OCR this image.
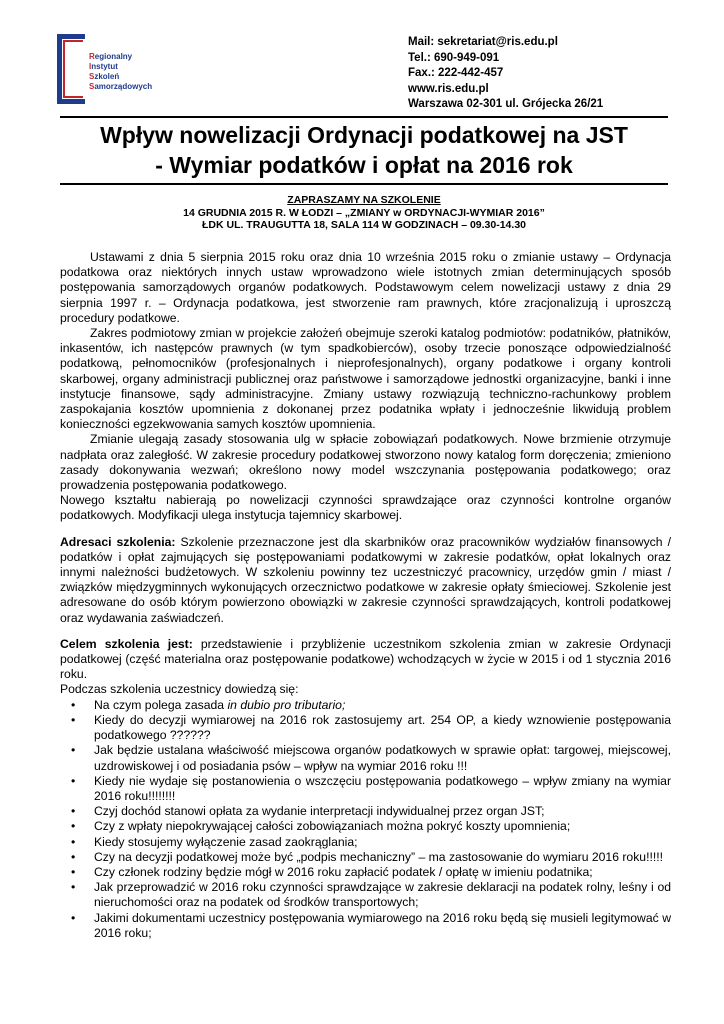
Regionalny
Instytut
Szkoleń
Samorządowych
Mail: sekretariat@ris.edu.pl
Tel.: 690-949-091
Fax.: 222-442-457
www.ris.edu.pl
Warszawa 02-301 ul. Grójecka 26/21
Wpływ nowelizacji Ordynacji podatkowej na JST
- Wymiar podatków i opłat na 2016 rok
ZAPRASZAMY NA SZKOLENIE
14 GRUDNIA 2015 R. W ŁODZI – „ZMIANY w ORDYNACJI-WYMIAR 2016”
ŁDK UL. TRAUGUTTA 18, SALA 114 W GODZINACH – 09.30-14.30

Ustawami z dnia 5 sierpnia 2015 roku oraz dnia 10 września 2015 roku o zmianie ustawy – Ordynacja podatkowa oraz niektórych innych ustaw wprowadzono wiele istotnych zmian determinujących sposób postępowania samorządowych organów podatkowych. Podstawowym celem nowelizacji ustawy z dnia 29 sierpnia 1997 r. – Ordynacja podatkowa, jest stworzenie ram prawnych, które zracjonalizują i uproszczą procedury podatkowe.

Zakres podmiotowy zmian w projekcie założeń obejmuje szeroki katalog podmiotów: podatników, płatników, inkasentów, ich następców prawnych (w tym spadkobierców), osoby trzecie ponoszące odpowiedzialność podatkową, pełnomocników (profesjonalnych i nieprofesjonalnych), organy podatkowe i organy kontroli skarbowej, organy administracji publicznej oraz państwowe i samorządowe jednostki organizacyjne, banki i inne instytucje finansowe, sądy administracyjne. Zmiany ustawy rozwiązują techniczno-rachunkowy problem zaspokajania kosztów upomnienia z dokonanej przez podatnika wpłaty i jednocześnie likwidują problem konieczności egzekwowania samych kosztów upomnienia.

Zmianie ulegają zasady stosowania ulg w spłacie zobowiązań podatkowych. Nowe brzmienie otrzymuje nadpłata oraz zaległość. W zakresie procedury podatkowej stworzono nowy katalog form doręczenia; zmieniono zasady dokonywania wezwań; określono nowy model wszczynania postępowania podatkowego; oraz prowadzenia postępowania podatkowego.

Nowego kształtu nabierają po nowelizacji czynności sprawdzające oraz czynności kontrolne organów podatkowych. Modyfikacji ulega instytucja tajemnicy skarbowej.

Adresaci szkolenia: Szkolenie przeznaczone jest dla skarbników oraz pracowników wydziałów finansowych / podatków i opłat zajmujących się postępowaniami podatkowymi w zakresie podatków, opłat lokalnych oraz innymi należności budżetowych. W szkoleniu powinny tez uczestniczyć pracownicy, urzędów gmin / miast / związków międzygminnych wykonujących orzecznictwo podatkowe w zakresie opłaty śmieciowej. Szkolenie jest adresowane do osób którym powierzono obowiązki w zakresie czynności sprawdzających, kontroli podatkowej oraz wydawania zaświadczeń.

Celem szkolenia jest: przedstawienie i przybliżenie uczestnikom szkolenia zmian w zakresie Ordynacji podatkowej (część materialna oraz postępowanie podatkowe) wchodzących w życie w 2015 i od 1 stycznia 2016 roku.

Podczas szkolenia uczestnicy dowiedzą się:

• Na czym polega zasada in dubio pro tributario;
• Kiedy do decyzji wymiarowej na 2016 rok zastosujemy art. 254 OP, a kiedy wznowienie postępowania podatkowego ??????
• Jak będzie ustalana właściwość miejscowa organów podatkowych w sprawie opłat: targowej, miejscowej, uzdrowiskowej i od posiadania psów – wpływ na wymiar 2016 roku !!!
• Kiedy nie wydaje się postanowienia o wszczęciu postępowania podatkowego – wpływ zmiany na wymiar 2016 roku!!!!!!!!
• Czyj dochód stanowi opłata za wydanie interpretacji indywidualnej przez organ JST;
• Czy z wpłaty niepokrywającej całości zobowiązaniach można pokryć koszty upomnienia;
• Kiedy stosujemy wyłączenie zasad zaokrąglania;
• Czy na decyzji podatkowej może być „podpis mechaniczny” – ma zastosowanie do wymiaru 2016 roku!!!!!
• Czy członek rodziny będzie mógł w 2016 roku zapłacić podatek / opłatę w imieniu podatnika;
• Jak przeprowadzić w 2016 roku czynności sprawdzające w zakresie deklaracji na podatek rolny, leśny i od nieruchomości oraz na podatek od środków transportowych;
• Jakimi dokumentami uczestnicy postępowania wymiarowego na 2016 roku będą się musieli legitymować w 2016 roku;
